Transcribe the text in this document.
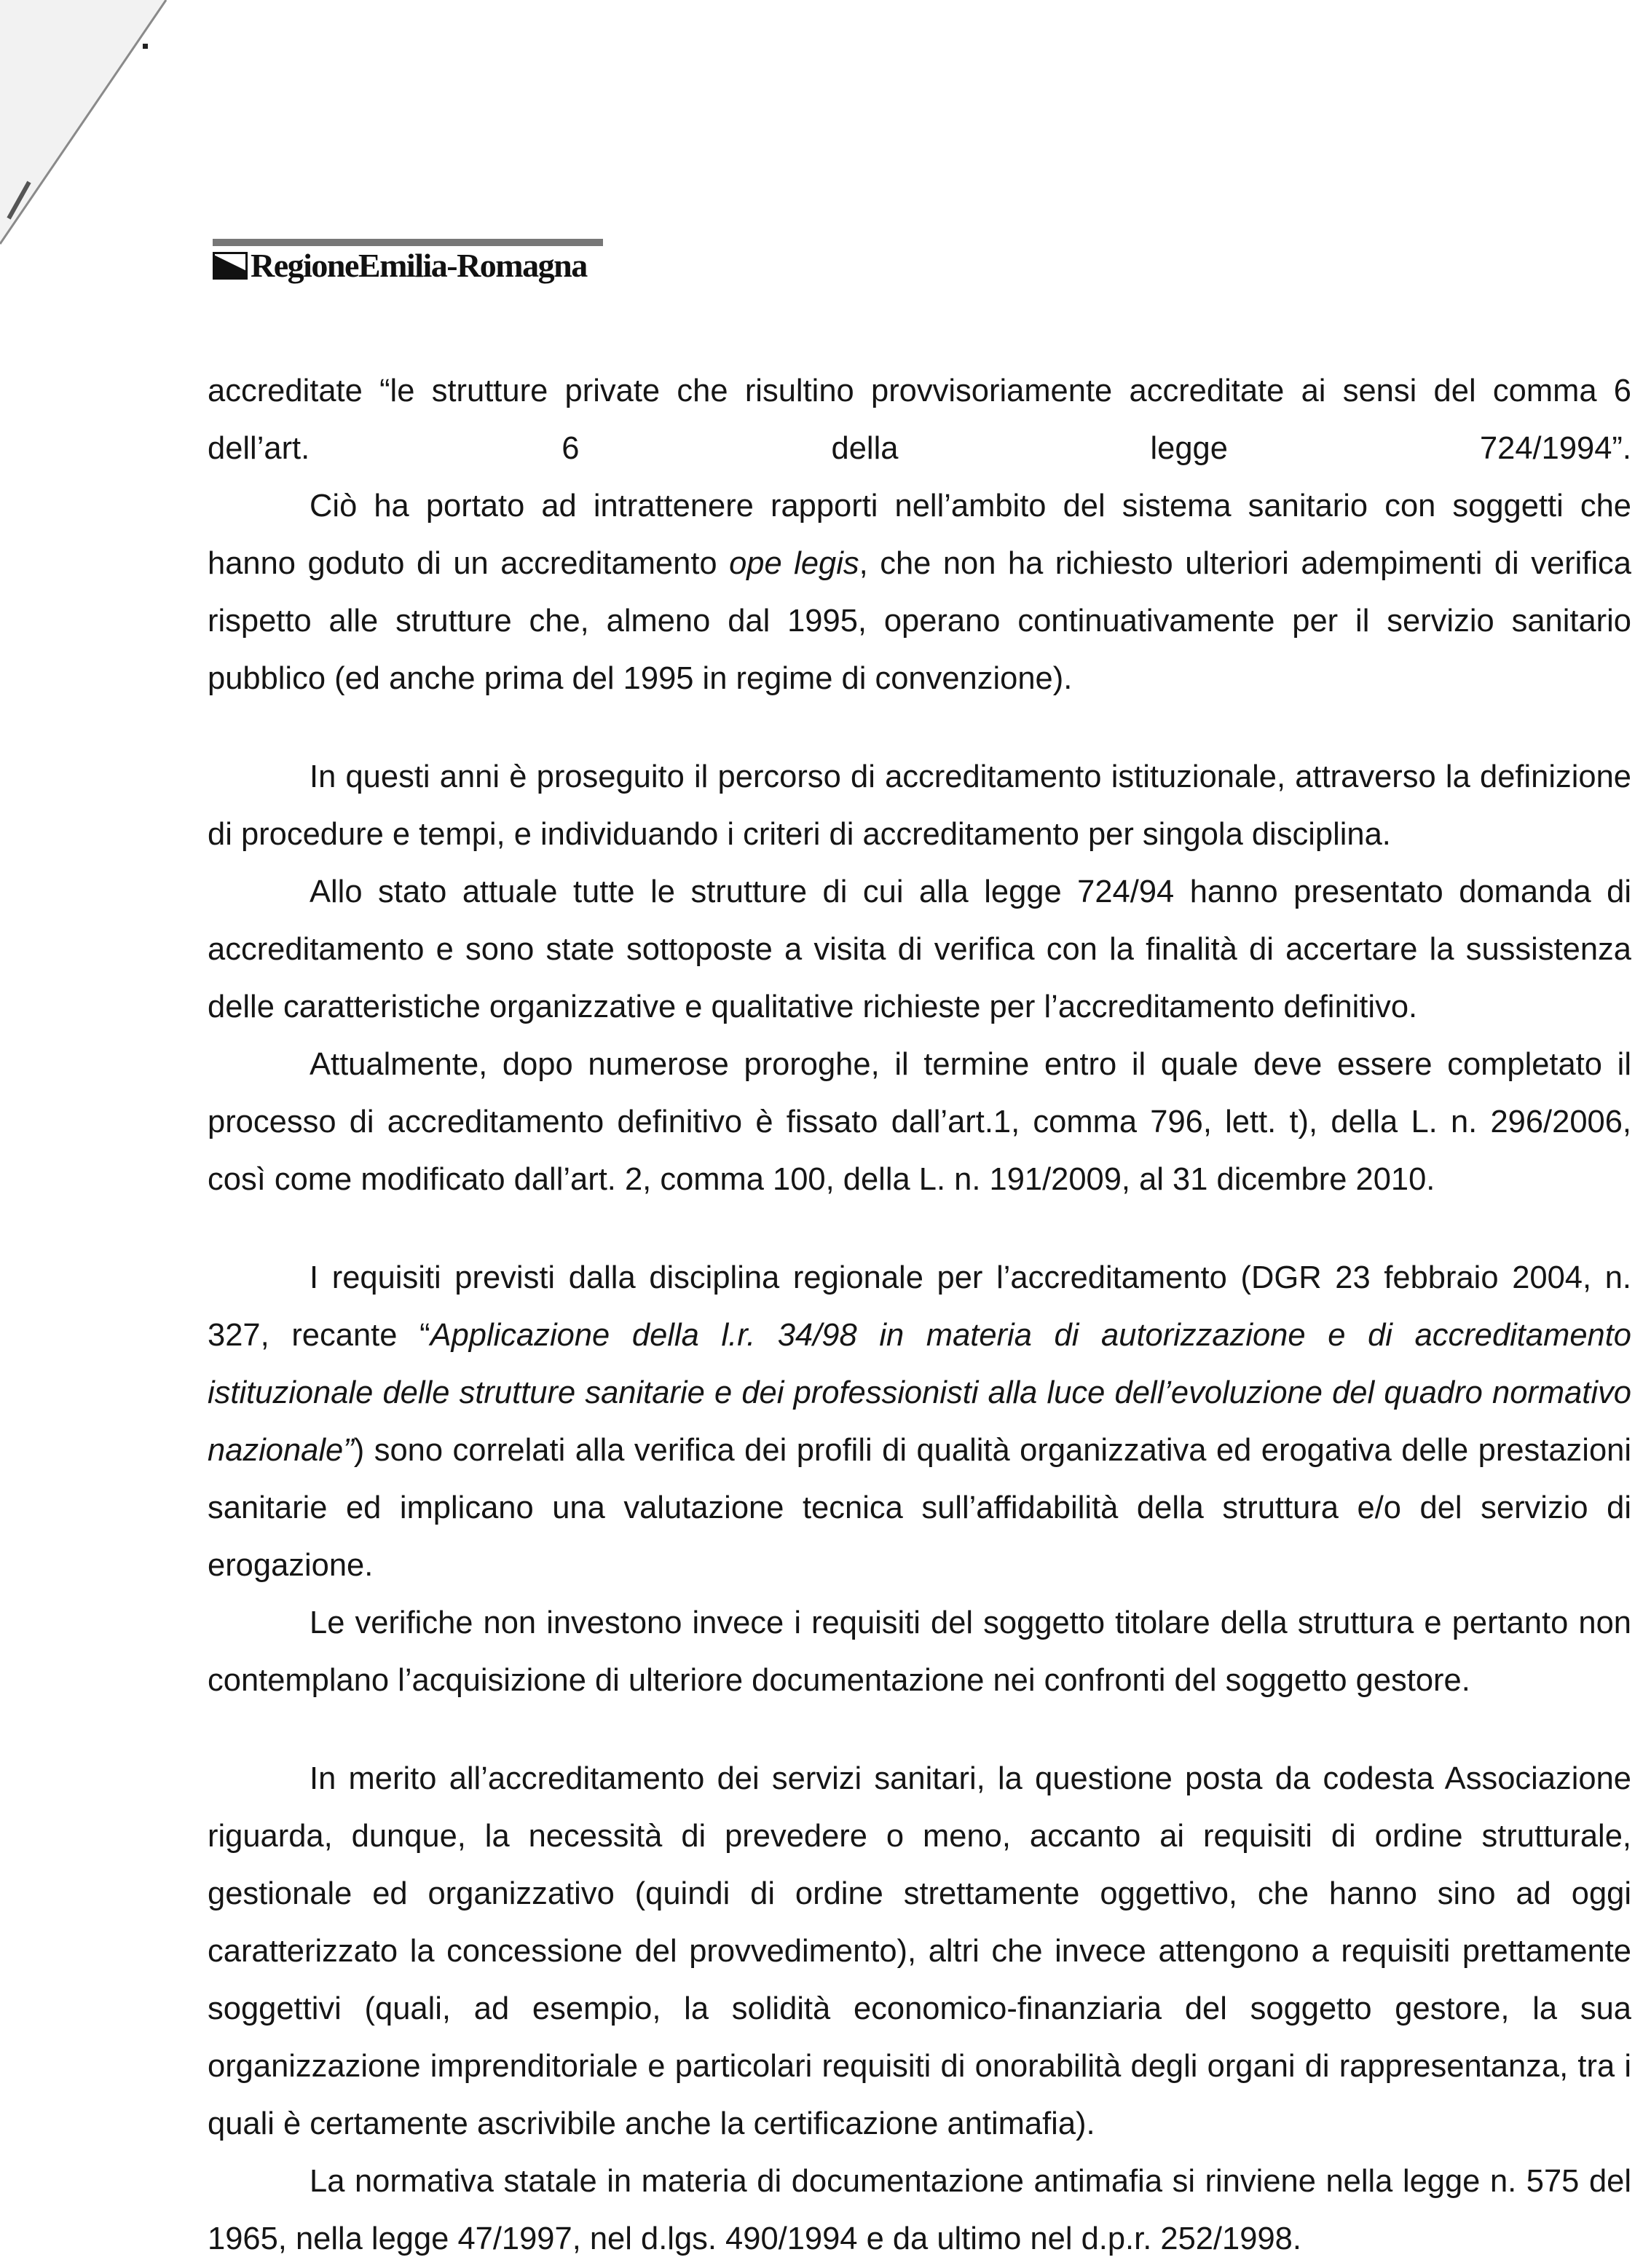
RegioneEmilia-Romagna

accreditate “le strutture private che risultino provvisoriamente accreditate ai sensi del comma 6 dell’art. 6 della legge 724/1994”.

Ciò ha portato ad intrattenere rapporti nell’ambito del sistema sanitario con soggetti che hanno goduto di un accreditamento ope legis, che non ha richiesto ulteriori adempimenti di verifica rispetto alle strutture che, almeno dal 1995, operano continuativamente per il servizio sanitario pubblico (ed anche prima del 1995 in regime di convenzione).

In questi anni è proseguito il percorso di accreditamento istituzionale, attraverso la definizione di procedure e tempi, e individuando i criteri di accreditamento per singola disciplina.

Allo stato attuale tutte le strutture di cui alla legge 724/94 hanno presentato domanda di accreditamento e sono state sottoposte a visita di verifica con la finalità di accertare la sussistenza delle caratteristiche organizzative e qualitative richieste per l’accreditamento definitivo.

Attualmente, dopo numerose proroghe, il termine entro il quale deve essere completato il processo di accreditamento definitivo è fissato dall’art.1, comma 796, lett. t), della L. n. 296/2006, così come modificato dall’art. 2, comma 100, della L. n. 191/2009, al 31 dicembre 2010.

I requisiti previsti dalla disciplina regionale per l’accreditamento (DGR 23 febbraio 2004, n. 327, recante “Applicazione della l.r. 34/98 in materia di autorizzazione e di accreditamento istituzionale delle strutture sanitarie e dei professionisti alla luce dell’evoluzione del quadro normativo nazionale”) sono correlati alla verifica dei profili di qualità organizzativa ed erogativa delle prestazioni sanitarie ed implicano una valutazione tecnica sull’affidabilità della struttura e/o del servizio di erogazione.

Le verifiche non investono invece i requisiti del soggetto titolare della struttura e pertanto non contemplano l’acquisizione di ulteriore documentazione nei confronti del soggetto gestore.

In merito all’accreditamento dei servizi sanitari, la questione posta da codesta Associazione riguarda, dunque, la necessità di prevedere o meno, accanto ai requisiti di ordine strutturale, gestionale ed organizzativo (quindi di ordine strettamente oggettivo, che hanno sino ad oggi caratterizzato la concessione del provvedimento), altri che invece attengono a requisiti prettamente soggettivi (quali, ad esempio, la solidità economico-finanziaria del soggetto gestore, la sua organizzazione imprenditoriale e particolari requisiti di onorabilità degli organi di rappresentanza, tra i quali è certamente ascrivibile anche la certificazione antimafia).

La normativa statale in materia di documentazione antimafia si rinviene nella legge n. 575 del 1965, nella legge 47/1997, nel d.lgs. 490/1994 e da ultimo nel d.p.r. 252/1998.
